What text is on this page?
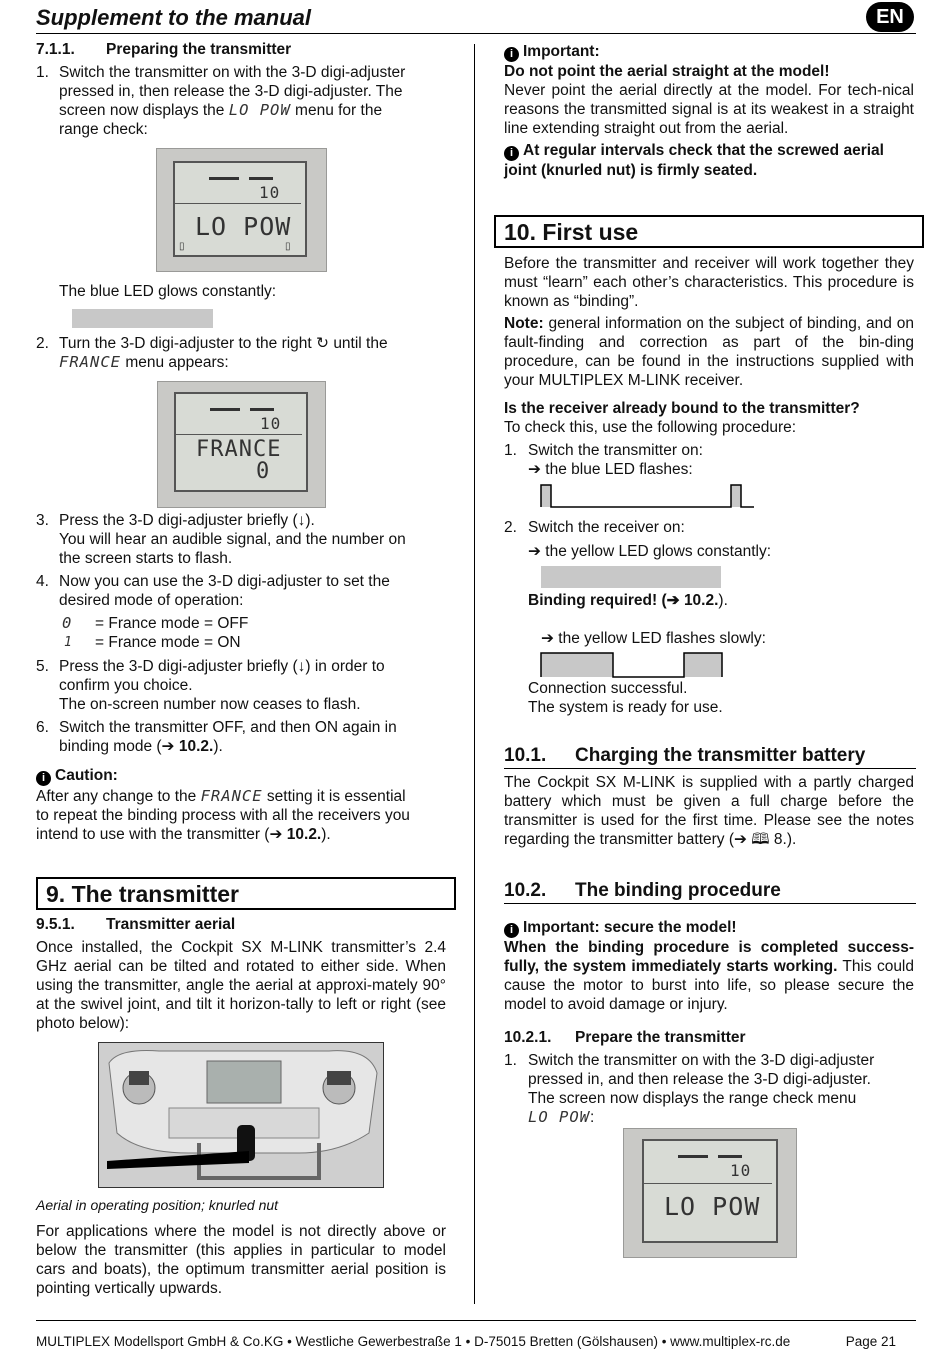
Supplement to the manual	EN
7.1.1. Preparing the transmitter
1. Switch the transmitter on with the 3-D digi-adjuster
pressed in, then release the 3-D digi-adjuster. The
screen now displays the LO POW menu for the
range check:
10
LO POW
▯	▯
The blue LED glows constantly:
2. Turn the 3-D digi-adjuster to the right ↻ until the
FRANCE menu appears:
10
FRANCE
0
3. Press the 3-D digi-adjuster briefly (↓).
You will hear an audible signal, and the number on
the screen starts to flash.
4. Now you can use the 3-D digi-adjuster to set the
desired mode of operation:
0 = France mode = OFF
1 = France mode = ON
5. Press the 3-D digi-adjuster briefly (↓) in order to
confirm you choice.
The on-screen number now ceases to flash.
6. Switch the transmitter OFF, and then ON again in
binding mode (➔ 10.2.).
i Caution:
After any change to the FRANCE setting it is essential
to repeat the binding process with all the receivers you
intend to use with the transmitter (➔ 10.2.).
9. The transmitter
9.5.1. Transmitter aerial
Once installed, the Cockpit SX M-LINK transmitter’s 2.4 GHz aerial can be tilted and rotated to either side. When using the transmitter, angle the aerial at approxi-mately 90° at the swivel joint, and tilt it horizon-tally to left or right (see photo below):
Aerial in operating position; knurled nut
For applications where the model is not directly above or below the transmitter (this applies in particular to model cars and boats), the optimum transmitter aerial position is pointing vertically upwards.
i Important:
Do not point the aerial straight at the model!
Never point the aerial directly at the model. For tech-nical reasons the transmitted signal is at its weakest in a straight line extending straight out from the aerial.
i At regular intervals check that the screwed aerial joint (knurled nut) is firmly seated.
10. First use
Before the transmitter and receiver will work together they must “learn” each other’s characteristics. This procedure is known as “binding”.
Note: general information on the subject of binding, and on fault-finding and correction as part of the bin-ding procedure, can be found in the instructions supplied with your MULTIPLEX M-LINK receiver.
Is the receiver already bound to the transmitter?
To check this, use the following procedure:
1. Switch the transmitter on:
➔ the blue LED flashes:
2. Switch the receiver on:
➔ the yellow LED glows constantly:
Binding required! (➔ 10.2.).
➔ the yellow LED flashes slowly:
Connection successful.
The system is ready for use.
10.1. Charging the transmitter battery
The Cockpit SX M-LINK is supplied with a partly charged battery which must be given a full charge before the transmitter is used for the first time. Please see the notes regarding the transmitter battery (➔ 🕮 8.).
10.2. The binding procedure
i Important: secure the model!
When the binding procedure is completed success-fully, the system immediately starts working. This could cause the motor to burst into life, so please secure the model to avoid damage or injury.
10.2.1. Prepare the transmitter
1. Switch the transmitter on with the 3-D digi-adjuster
pressed in, and then release the 3-D digi-adjuster.
The screen now displays the range check menu
LO POW:
10
LO POW
MULTIPLEX Modellsport GmbH & Co.KG • Westliche Gewerbestraße 1 • D-75015 Bretten (Gölshausen) • www.multiplex-rc.de	Page 21
